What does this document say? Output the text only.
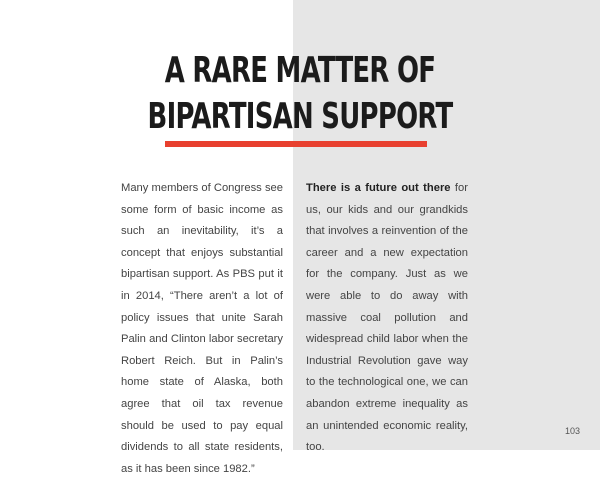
A RARE MATTER OF
BIPARTISAN SUPPORT
Many members of Congress see some form of basic income as such an inevitability, it’s a concept that enjoys substantial bipartisan support. As PBS put it in 2014, “There aren’t a lot of policy issues that unite Sarah Palin and Clinton labor secretary Robert Reich. But in Palin’s home state of Alaska, both agree that oil tax revenue should be used to pay equal dividends to all state residents, as it has been since 1982.”
There is a future out there for us, our kids and our grandkids that involves a reinvention of the career and a new expectation for the company. Just as we were able to do away with massive coal pollution and widespread child labor when the Industrial Revolution gave way to the technological one, we can abandon extreme inequality as an unintended economic reality, too.
103
